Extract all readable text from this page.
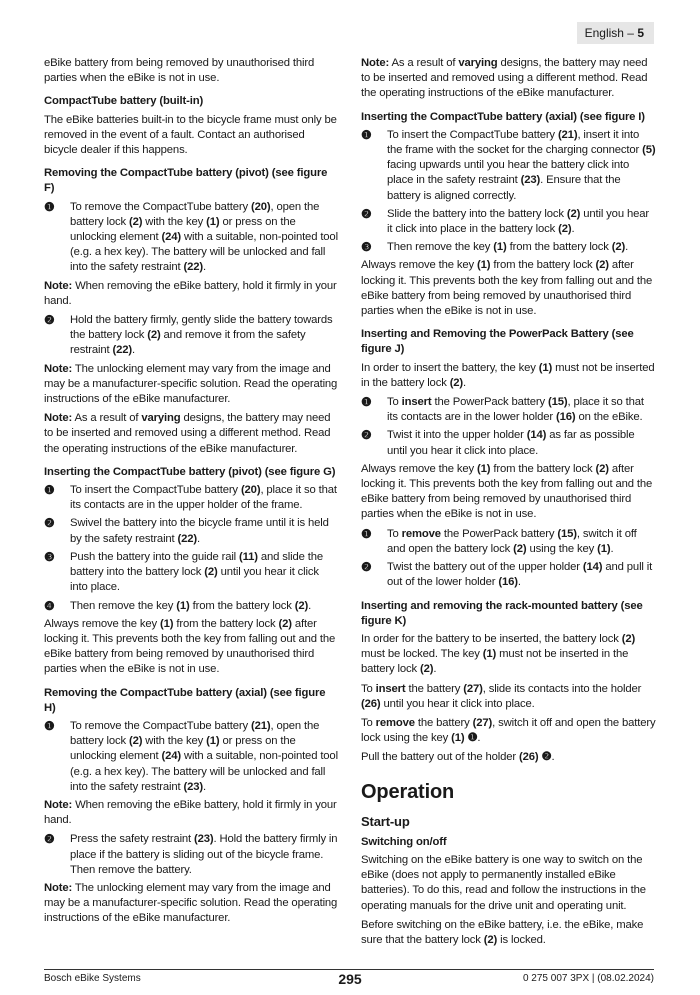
English – 5

eBike battery from being removed by unauthorised third parties when the eBike is not in use.

CompactTube battery (built-in)

The eBike batteries built-in to the bicycle frame must only be removed in the event of a fault. Contact an authorised bicycle dealer if this happens.

Removing the CompactTube battery (pivot) (see figure F)
❶ To remove the CompactTube battery (20), open the battery lock (2) with the key (1) or press on the unlocking element (24) with a suitable, non-pointed tool (e.g. a hex key). The battery will be unlocked and fall into the safety restraint (22).

Note: When removing the eBike battery, hold it firmly in your hand.

❷ Hold the battery firmly, gently slide the battery towards the battery lock (2) and remove it from the safety restraint (22).

Note: The unlocking element may vary from the image and may be a manufacturer-specific solution. Read the operating instructions of the eBike manufacturer.

Note: As a result of varying designs, the battery may need to be inserted and removed using a different method. Read the operating instructions of the eBike manufacturer.

Inserting the CompactTube battery (pivot) (see figure G)
❶ To insert the CompactTube battery (20), place it so that its contacts are in the upper holder of the frame.
❷ Swivel the battery into the bicycle frame until it is held by the safety restraint (22).
❸ Push the battery into the guide rail (11) and slide the battery into the battery lock (2) until you hear it click into place.
❹ Then remove the key (1) from the battery lock (2).

Always remove the key (1) from the battery lock (2) after locking it. This prevents both the key from falling out and the eBike battery from being removed by unauthorised third parties when the eBike is not in use.

Removing the CompactTube battery (axial) (see figure H)
❶ To remove the CompactTube battery (21), open the battery lock (2) with the key (1) or press on the unlocking element (24) with a suitable, non-pointed tool (e.g. a hex key). The battery will be unlocked and fall into the safety restraint (23).

Note: When removing the eBike battery, hold it firmly in your hand.

❷ Press the safety restraint (23). Hold the battery firmly in place if the battery is sliding out of the bicycle frame. Then remove the battery.

Note: The unlocking element may vary from the image and may be a manufacturer-specific solution. Read the operating instructions of the eBike manufacturer.

Note: As a result of varying designs, the battery may need to be inserted and removed using a different method. Read the operating instructions of the eBike manufacturer.

Inserting the CompactTube battery (axial) (see figure I)
❶ To insert the CompactTube battery (21), insert it into the frame with the socket for the charging connector (5) facing upwards until you hear the battery click into place in the safety restraint (23). Ensure that the battery is aligned correctly.
❷ Slide the battery into the battery lock (2) until you hear it click into place in the battery lock (2).
❸ Then remove the key (1) from the battery lock (2).

Always remove the key (1) from the battery lock (2) after locking it. This prevents both the key from falling out and the eBike battery from being removed by unauthorised third parties when the eBike is not in use.

Inserting and Removing the PowerPack Battery (see figure J)

In order to insert the battery, the key (1) must not be inserted in the battery lock (2).

❶ To insert the PowerPack battery (15), place it so that its contacts are in the lower holder (16) on the eBike.
❷ Twist it into the upper holder (14) as far as possible until you hear it click into place.

Always remove the key (1) from the battery lock (2) after locking it. This prevents both the key from falling out and the eBike battery from being removed by unauthorised third parties when the eBike is not in use.

❶ To remove the PowerPack battery (15), switch it off and open the battery lock (2) using the key (1).
❷ Twist the battery out of the upper holder (14) and pull it out of the lower holder (16).
Inserting and removing the rack-mounted battery (see figure K)

In order for the battery to be inserted, the battery lock (2) must be locked. The key (1) must not be inserted in the battery lock (2).

To insert the battery (27), slide its contacts into the holder (26) until you hear it click into place.

To remove the battery (27), switch it off and open the battery lock using the key (1) ❶.

Pull the battery out of the holder (26) ❷.

Operation
Start-up
Switching on/off

Switching on the eBike battery is one way to switch on the eBike (does not apply to permanently installed eBike batteries). To do this, read and follow the instructions in the operating manuals for the drive unit and operating unit.

Before switching on the eBike battery, i.e. the eBike, make sure that the battery lock (2) is locked.

Bosch eBike Systems	295	0 275 007 3PX | (08.02.2024)
